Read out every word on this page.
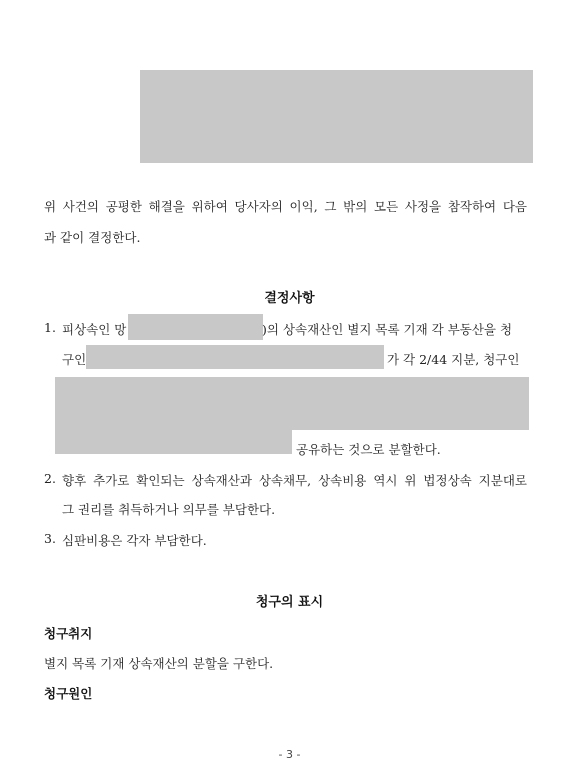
위 사건의 공평한 해결을 위하여 당사자의 이익, 그 밖의 모든 사정을 참작하여 다음
과 같이 결정한다.
결정사항
1. 피상속인 망	)의 상속재산인 별지 목록 기재 각 부동산을 청
구인	가 각 2/44 지분, 청구인
공유하는 것으로 분할한다.
2. 향후 추가로 확인되는 상속재산과 상속채무, 상속비용 역시 위 법정상속 지분대로
그 권리를 취득하거나 의무를 부담한다.
3. 심판비용은 각자 부담한다.
청구의 표시
청구취지
별지 목록 기재 상속재산의 분할을 구한다.
청구원인
- 3 -
